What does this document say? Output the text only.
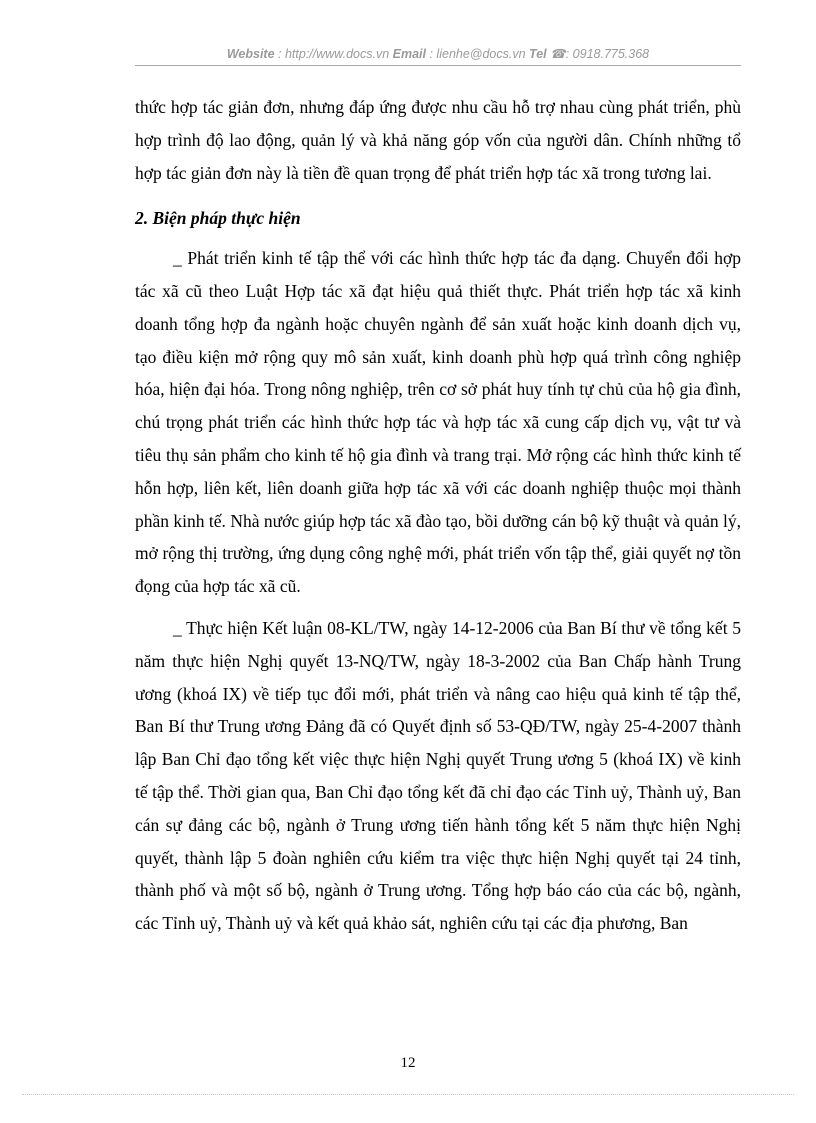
Website : http://www.docs.vn Email : lienhe@docs.vn Tel ☎: 0918.775.368

thức hợp tác giản đơn, nhưng đáp ứng được nhu cầu hỗ trợ nhau cùng phát triển, phù hợp trình độ lao động, quản lý và khả năng góp vốn của người dân. Chính những tổ hợp tác giản đơn này là tiền đề quan trọng để phát triển hợp tác xã trong tương lai.

2. Biện pháp thực hiện

_ Phát triển kinh tế tập thể với các hình thức hợp tác đa dạng. Chuyển đổi hợp tác xã cũ theo Luật Hợp tác xã đạt hiệu quả thiết thực. Phát triển hợp tác xã kinh doanh tổng hợp đa ngành hoặc chuyên ngành để sản xuất hoặc kinh doanh dịch vụ, tạo điều kiện mở rộng quy mô sản xuất, kinh doanh phù hợp quá trình công nghiệp hóa, hiện đại hóa. Trong nông nghiệp, trên cơ sở phát huy tính tự chủ của hộ gia đình, chú trọng phát triển các hình thức hợp tác và hợp tác xã cung cấp dịch vụ, vật tư và tiêu thụ sản phẩm cho kinh tế hộ gia đình và trang trại. Mở rộng các hình thức kinh tế hỗn hợp, liên kết, liên doanh giữa hợp tác xã với các doanh nghiệp thuộc mọi thành phần kinh tế. Nhà nước giúp hợp tác xã đào tạo, bồi dưỡng cán bộ kỹ thuật và quản lý, mở rộng thị trường, ứng dụng công nghệ mới, phát triển vốn tập thể, giải quyết nợ tồn đọng của hợp tác xã cũ.

_ Thực hiện Kết luận 08-KL/TW, ngày 14-12-2006 của Ban Bí thư về tổng kết 5 năm thực hiện Nghị quyết 13-NQ/TW, ngày 18-3-2002 của Ban Chấp hành Trung ương (khoá IX) về tiếp tục đổi mới, phát triển và nâng cao hiệu quả kinh tế tập thể, Ban Bí thư Trung ương Đảng đã có Quyết định số 53-QĐ/TW, ngày 25-4-2007 thành lập Ban Chỉ đạo tổng kết việc thực hiện Nghị quyết Trung ương 5 (khoá IX) về kinh tế tập thể. Thời gian qua, Ban Chỉ đạo tổng kết đã chỉ đạo các Tỉnh uỷ, Thành uỷ, Ban cán sự đảng các bộ, ngành ở Trung ương tiến hành tổng kết 5 năm thực hiện Nghị quyết, thành lập 5 đoàn nghiên cứu kiểm tra việc thực hiện Nghị quyết tại 24 tỉnh, thành phố và một số bộ, ngành ở Trung ương. Tổng hợp báo cáo của các bộ, ngành, các Tỉnh uỷ, Thành uỷ và kết quả khảo sát, nghiên cứu tại các địa phương, Ban

12
